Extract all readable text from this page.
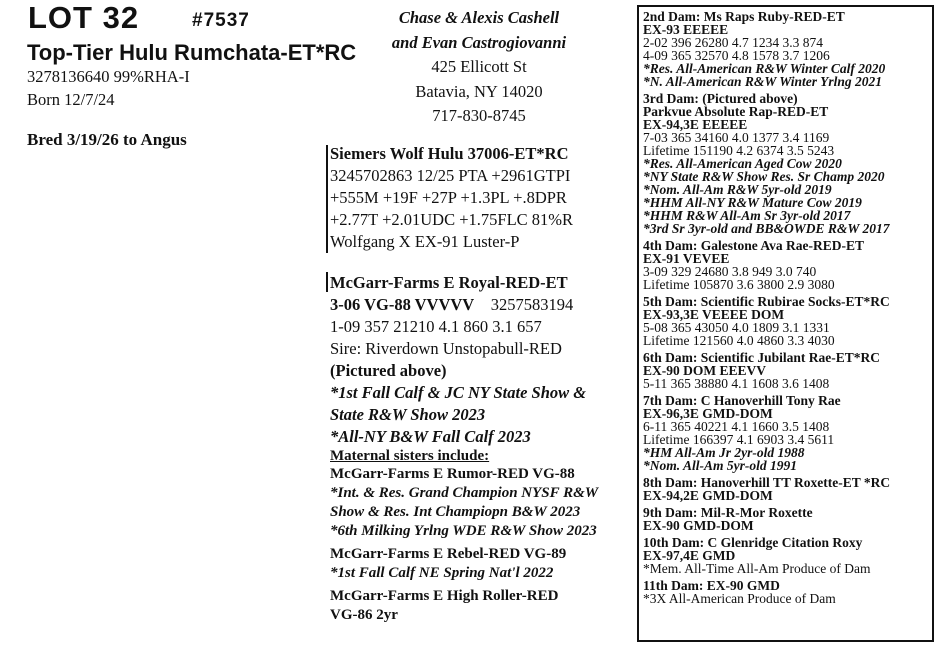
LOT 32	#7537
Top-Tier Hulu Rumchata-ET*RC
3278136640 99%RHA-I
Born 12/7/24
Bred 3/19/26 to Angus
Chase & Alexis Cashell
and Evan Castrogiovanni
425 Ellicott St
Batavia, NY 14020
717-830-8745
Siemers Wolf Hulu 37006-ET*RC
3245702863 12/25 PTA +2961GTPI
+555M +19F +27P +1.3PL +.8DPR
+2.77T +2.01UDC +1.75FLC 81%R
Wolfgang X EX-91 Luster-P
McGarr-Farms E Royal-RED-ET
3-06 VG-88 VVVVV 3257583194
1-09 357 21210 4.1 860 3.1 657
Sire: Riverdown Unstopabull-RED
(Pictured above)
*1st Fall Calf & JC NY State Show &
State R&W Show 2023
*All-NY B&W Fall Calf 2023
Maternal sisters include:
McGarr-Farms E Rumor-RED VG-88
*Int. & Res. Grand Champion NYSF R&W
Show & Res. Int Champiopn B&W 2023
*6th Milking Yrlng WDE R&W Show 2023
McGarr-Farms E Rebel-RED VG-89
*1st Fall Calf NE Spring Nat'l 2022
McGarr-Farms E High Roller-RED
VG-86 2yr
2nd Dam: Ms Raps Ruby-RED-ET
EX-93 EEEEE
2-02 396 26280 4.7 1234 3.3 874
4-09 365 32570 4.8 1578 3.7 1206
*Res. All-American R&W Winter Calf 2020
*N. All-American R&W Winter Yrlng 2021
3rd Dam: (Pictured above)
Parkvue Absolute Rap-RED-ET
EX-94,3E EEEEE
7-03 365 34160 4.0 1377 3.4 1169
Lifetime 151190 4.2 6374 3.5 5243
*Res. All-American Aged Cow 2020
*NY State R&W Show Res. Sr Champ 2020
*Nom. All-Am R&W 5yr-old 2019
*HHM All-NY R&W Mature Cow 2019
*HHM R&W All-Am Sr 3yr-old 2017
*3rd Sr 3yr-old and BB&OWDE R&W 2017
4th Dam: Galestone Ava Rae-RED-ET
EX-91 VEVEE
3-09 329 24680 3.8 949 3.0 740
Lifetime 105870 3.6 3800 2.9 3080
5th Dam: Scientific Rubirae Socks-ET*RC
EX-93,3E VEEEE DOM
5-08 365 43050 4.0 1809 3.1 1331
Lifetime 121560 4.0 4860 3.3 4030
6th Dam: Scientific Jubilant Rae-ET*RC
EX-90 DOM EEEVV
5-11 365 38880 4.1 1608 3.6 1408
7th Dam: C Hanoverhill Tony Rae
EX-96,3E GMD-DOM
6-11 365 40221 4.1 1660 3.5 1408
Lifetime 166397 4.1 6903 3.4 5611
*HM All-Am Jr 2yr-old 1988
*Nom. All-Am 5yr-old 1991
8th Dam: Hanoverhill TT Roxette-ET *RC
EX-94,2E GMD-DOM
9th Dam: Mil-R-Mor Roxette
EX-90 GMD-DOM
10th Dam: C Glenridge Citation Roxy
EX-97,4E GMD
*Mem. All-Time All-Am Produce of Dam
11th Dam: EX-90 GMD
*3X All-American Produce of Dam
